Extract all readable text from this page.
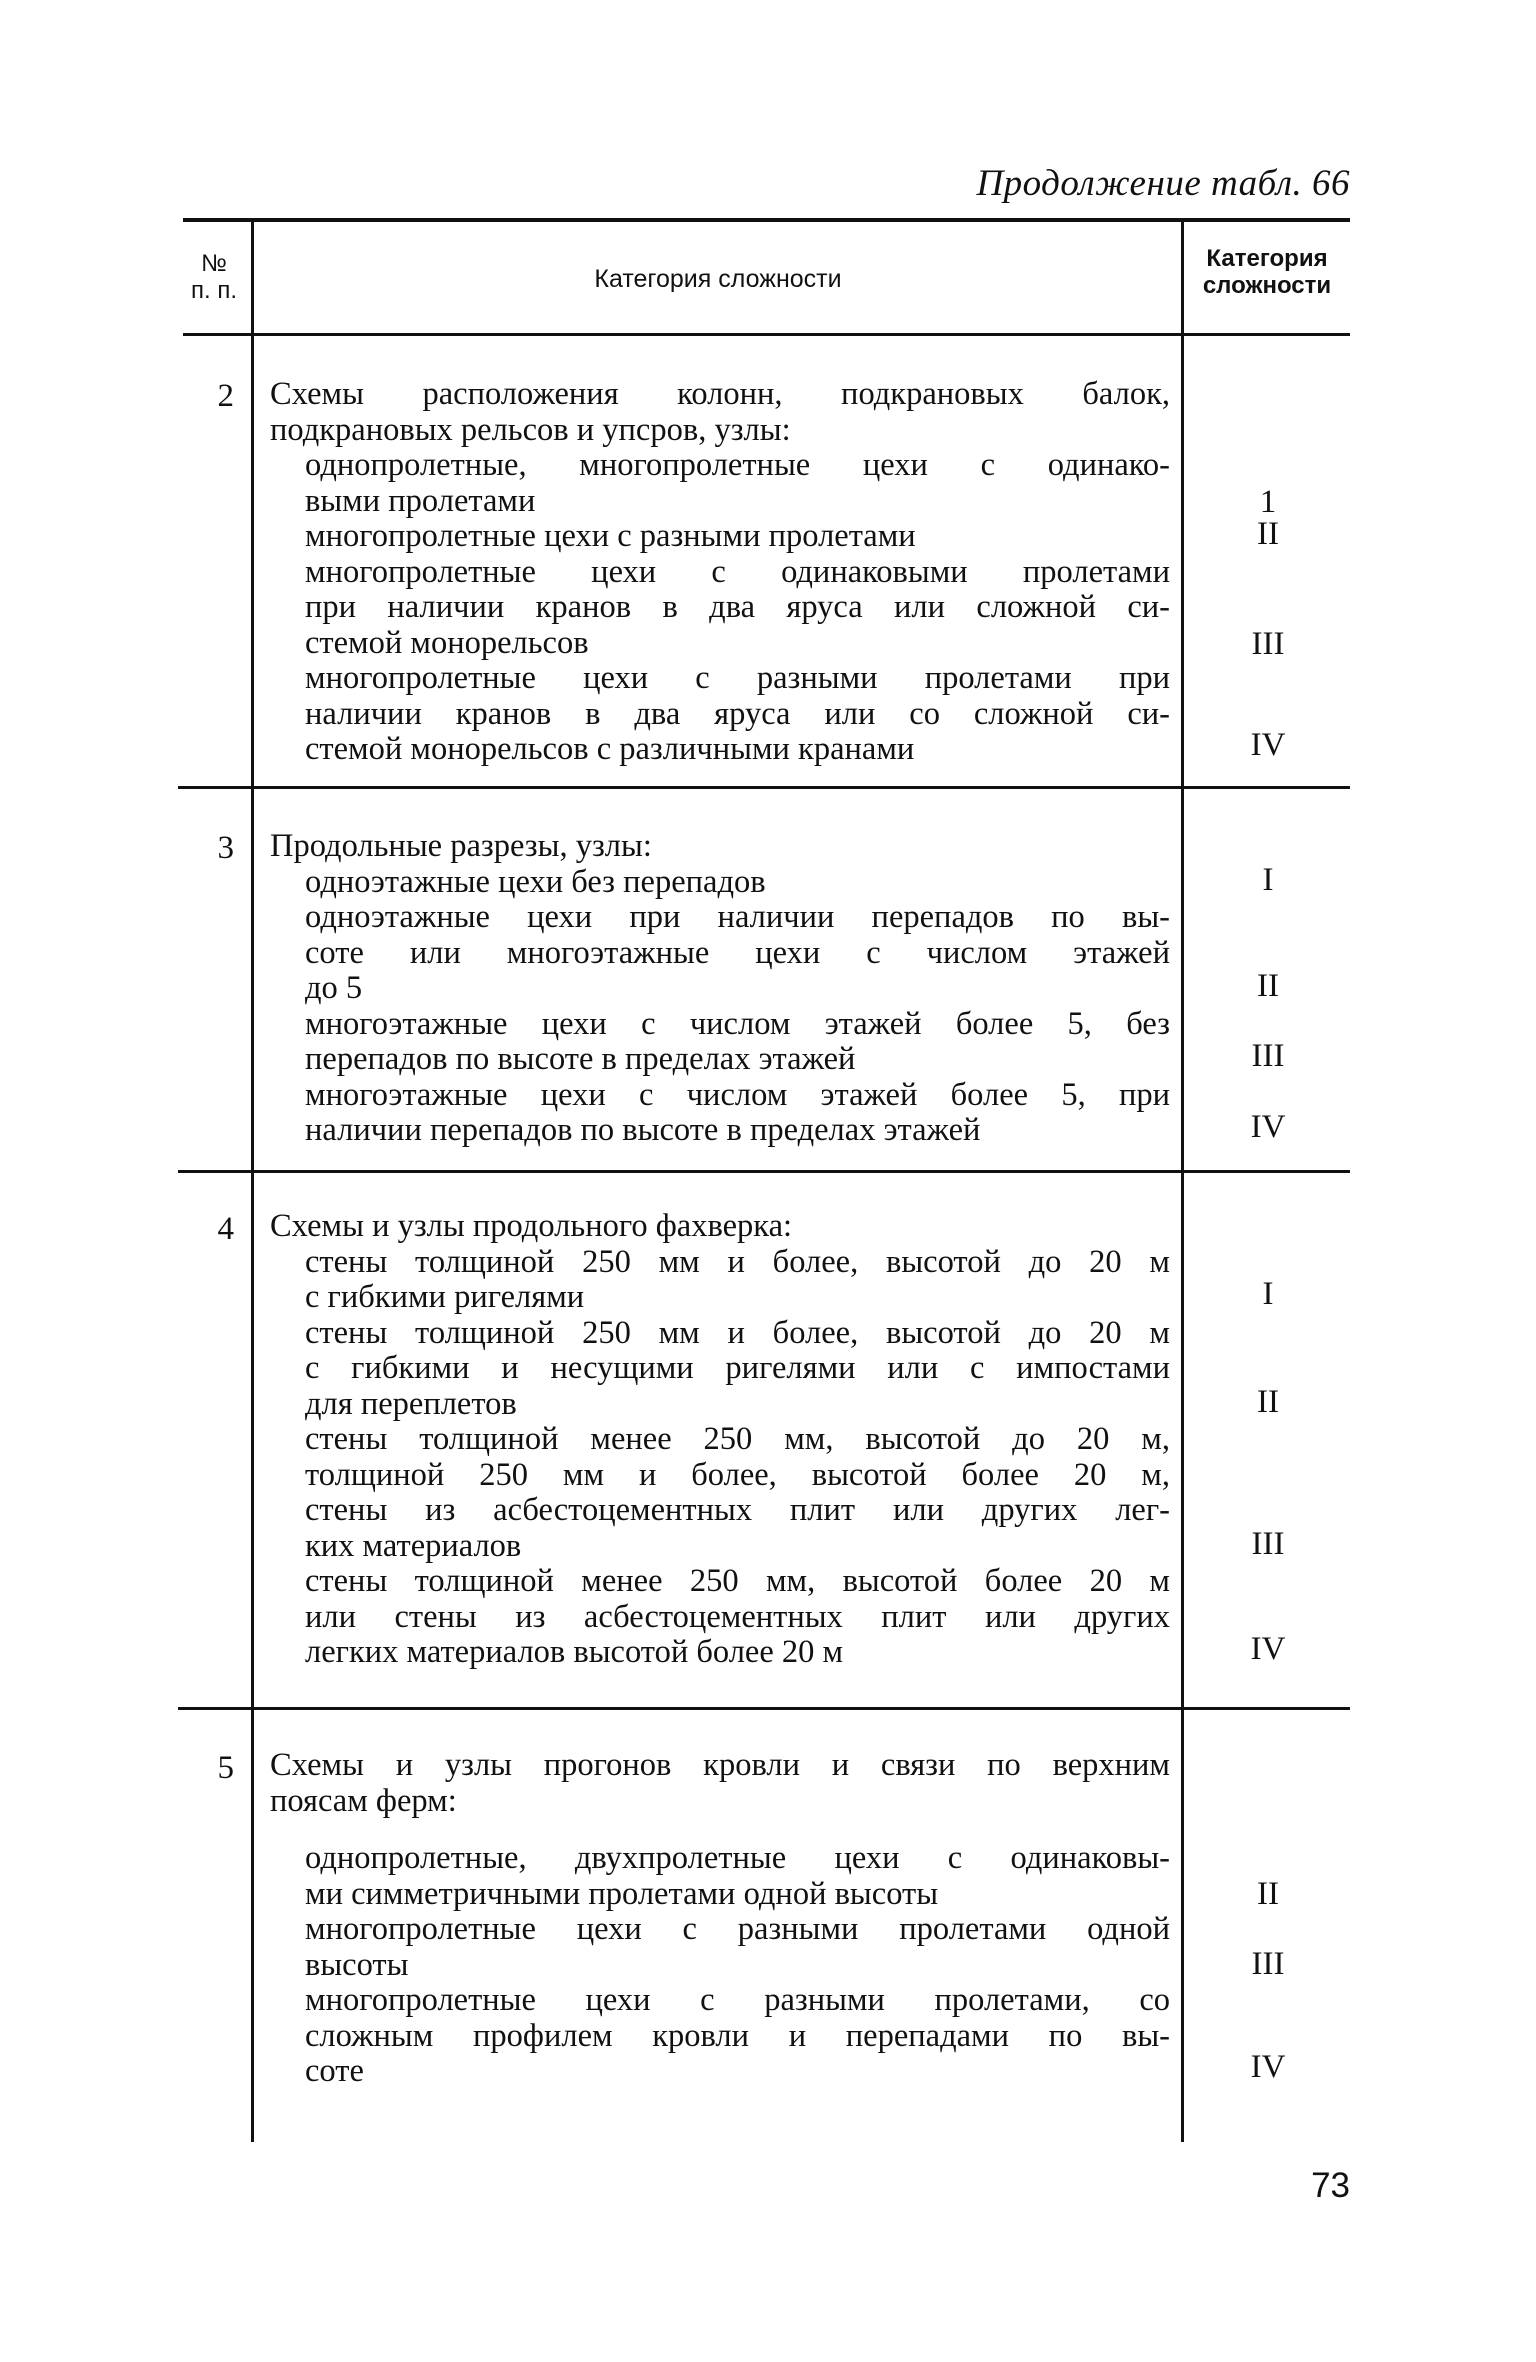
Продолжение табл. 66
№
п. п.	Категория сложности
Категория
сложности
2 Схемы расположения колонн, подкрановых балок,
подкрановых рельсов и упсров, узлы:
однопролетные, многопролетные цехи с одинако-
выми пролетами
многопролетные цехи с разными пролетами
многопролетные цехи с одинаковыми пролетами
при наличии кранов в два яруса или сложной си-
стемой монорельсов
многопролетные цехи с разными пролетами при
наличии кранов в два яруса или со сложной си-
стемой монорельсов с различными кранами
1
II
III
IV
3 Продольные разрезы, узлы:
одноэтажные цехи без перепадов
одноэтажные цехи при наличии перепадов по вы-
соте или многоэтажные цехи с числом этажей
до 5
многоэтажные цехи с числом этажей более 5, без
перепадов по высоте в пределах этажей
многоэтажные цехи с числом этажей более 5, при
наличии перепадов по высоте в пределах этажей
I
II
III
IV
4 Схемы и узлы продольного фахверка:
стены толщиной 250 мм и более, высотой до 20 м
с гибкими ригелями
стены толщиной 250 мм и более, высотой до 20 м
с гибкими и несущими ригелями или с импостами
для переплетов
стены толщиной менее 250 мм, высотой до 20 м,
толщиной 250 мм и более, высотой более 20 м,
стены из асбестоцементных плит или других лег-
ких материалов
стены толщиной менее 250 мм, высотой более 20 м
или стены из асбестоцементных плит или других
легких материалов высотой более 20 м
I
II
III
IV
5 Схемы и узлы прогонов кровли и связи по верхним
поясам ферм:
однопролетные, двухпролетные цехи с одинаковы-
ми симметричными пролетами одной высоты
многопролетные цехи с разными пролетами одной
высоты
многопролетные цехи с разными пролетами, со
сложным профилем кровли и перепадами по вы-
соте
II
III
IV
73
